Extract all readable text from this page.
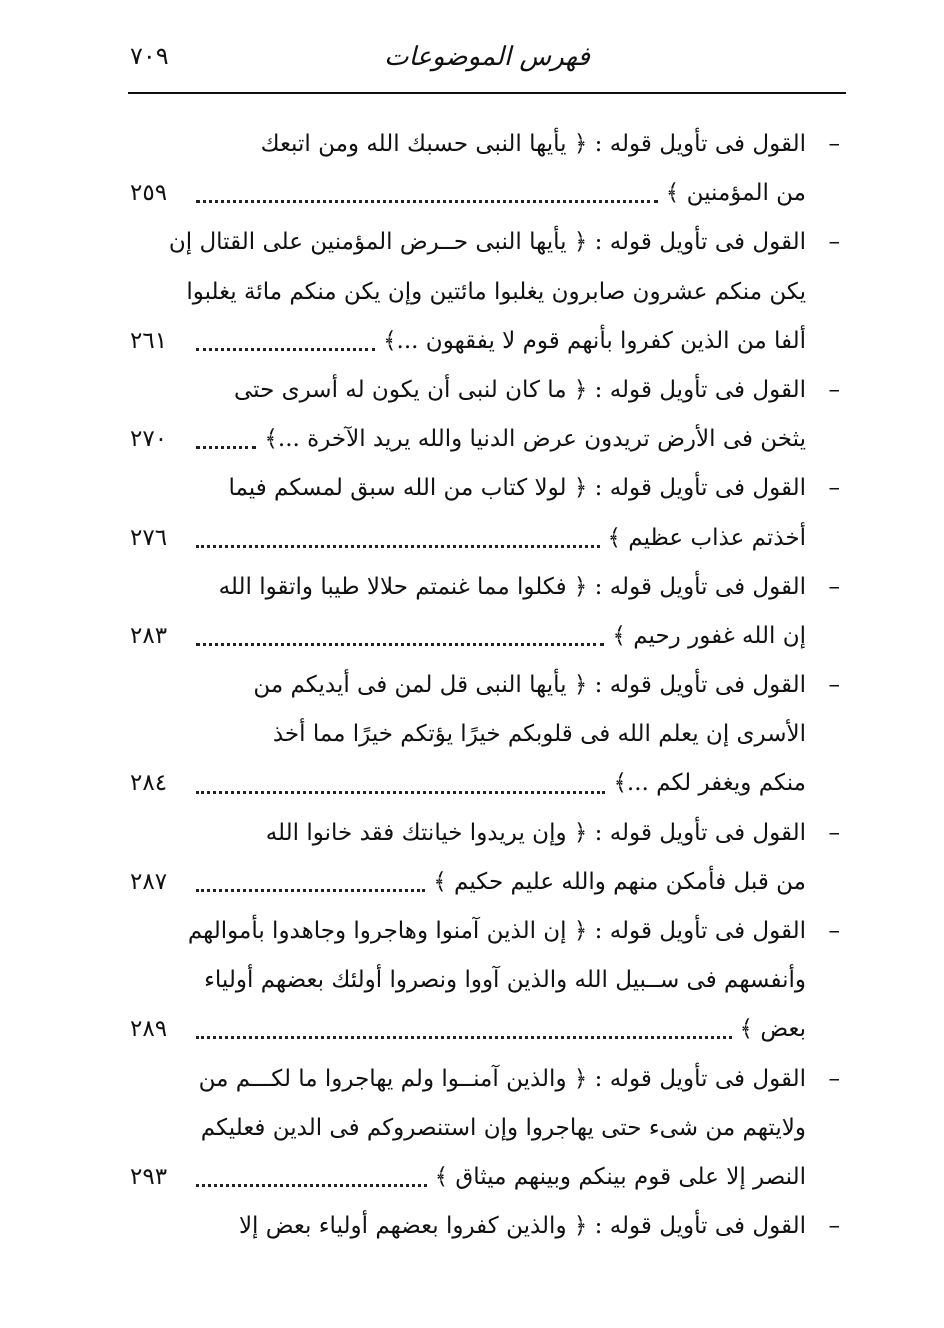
فهرس الموضوعات
٧٠٩
–
القول فى تأويل قوله : ﴿ يأيها النبى حسبك الله ومن اتبعك
من المؤمنين ﴾
٢٥٩
–
القول فى تأويل قوله : ﴿ يأيها النبى حــرض المؤمنين على القتال إن
يكن منكم عشرون صابرون يغلبوا مائتين وإن يكن منكم مائة يغلبوا
ألفا من الذين كفروا بأنهم قوم لا يفقهون ...﴾
٢٦١
–
القول فى تأويل قوله : ﴿ ما كان لنبى أن يكون له أسرى حتى
يثخن فى الأرض تريدون عرض الدنيا والله يريد الآخرة ...﴾
٢٧٠
–
القول فى تأويل قوله : ﴿ لولا كتاب من الله سبق لمسكم فيما
أخذتم عذاب عظيم ﴾
٢٧٦
–
القول فى تأويل قوله : ﴿ فكلوا مما غنمتم حلالا طيبا واتقوا الله
إن الله غفور رحيم ﴾
٢٨٣
–
القول فى تأويل قوله : ﴿ يأيها النبى قل لمن فى أيديكم من
الأسرى إن يعلم الله فى قلوبكم خيرًا يؤتكم خيرًا مما أخذ
منكم ويغفر لكم ...﴾
٢٨٤
–
القول فى تأويل قوله : ﴿ وإن يريدوا خيانتك فقد خانوا الله
من قبل فأمكن منهم والله عليم حكيم ﴾
٢٨٧
–
القول فى تأويل قوله : ﴿ إن الذين آمنوا وهاجروا وجاهدوا بأموالهم
وأنفسهم فى ســبيل الله والذين آووا ونصروا أولئك بعضهم أولياء
بعض ﴾
٢٨٩
–
القول فى تأويل قوله : ﴿ والذين آمنــوا ولم يهاجروا ما لكـــم من
ولايتهم من شىء حتى يهاجروا وإن استنصروكم فى الدين فعليكم
النصر إلا على قوم بينكم وبينهم ميثاق ﴾
٢٩٣
–
القول فى تأويل قوله : ﴿ والذين كفروا بعضهم أولياء بعض إلا
